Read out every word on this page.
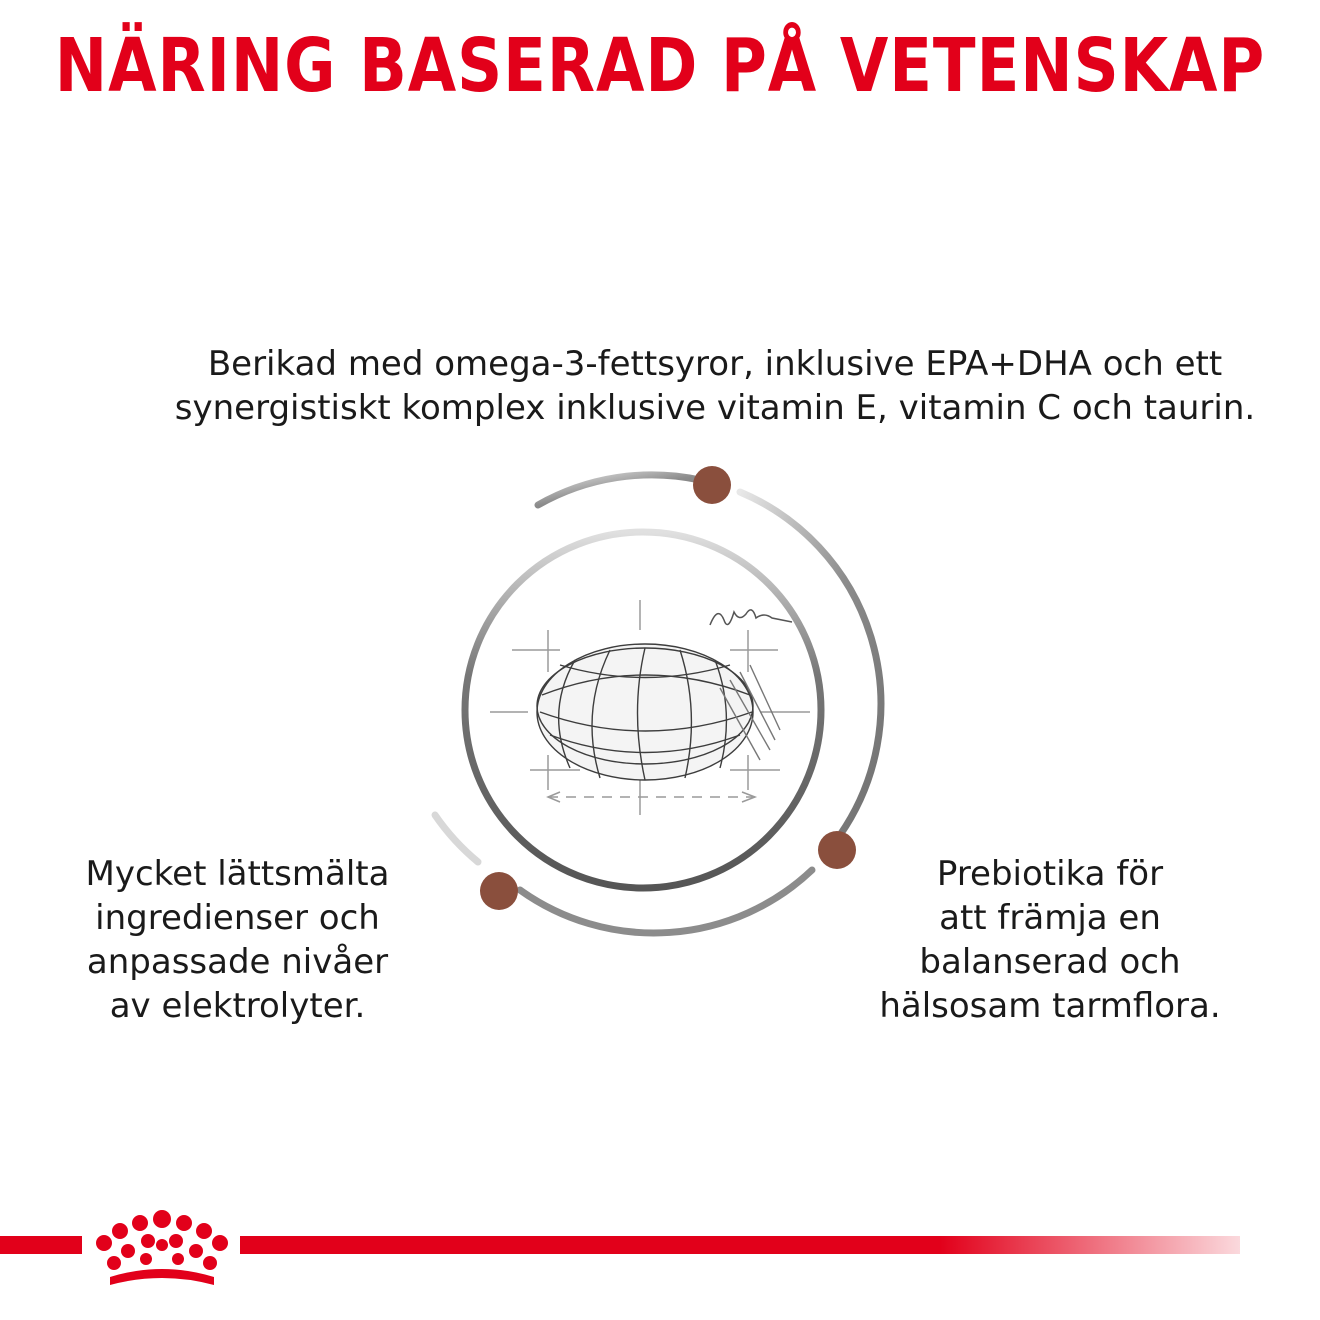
NÄRING BASERAD PÅ VETENSKAP
Berikad med omega-3-fettsyror, inklusive EPA+DHA och ett
synergistiskt komplex inklusive vitamin E, vitamin C och taurin.
Mycket lättsmälta
ingredienser och
anpassade nivåer
av elektrolyter.
Prebiotika för
att främja en
balanserad och
hälsosam tarmflora.
